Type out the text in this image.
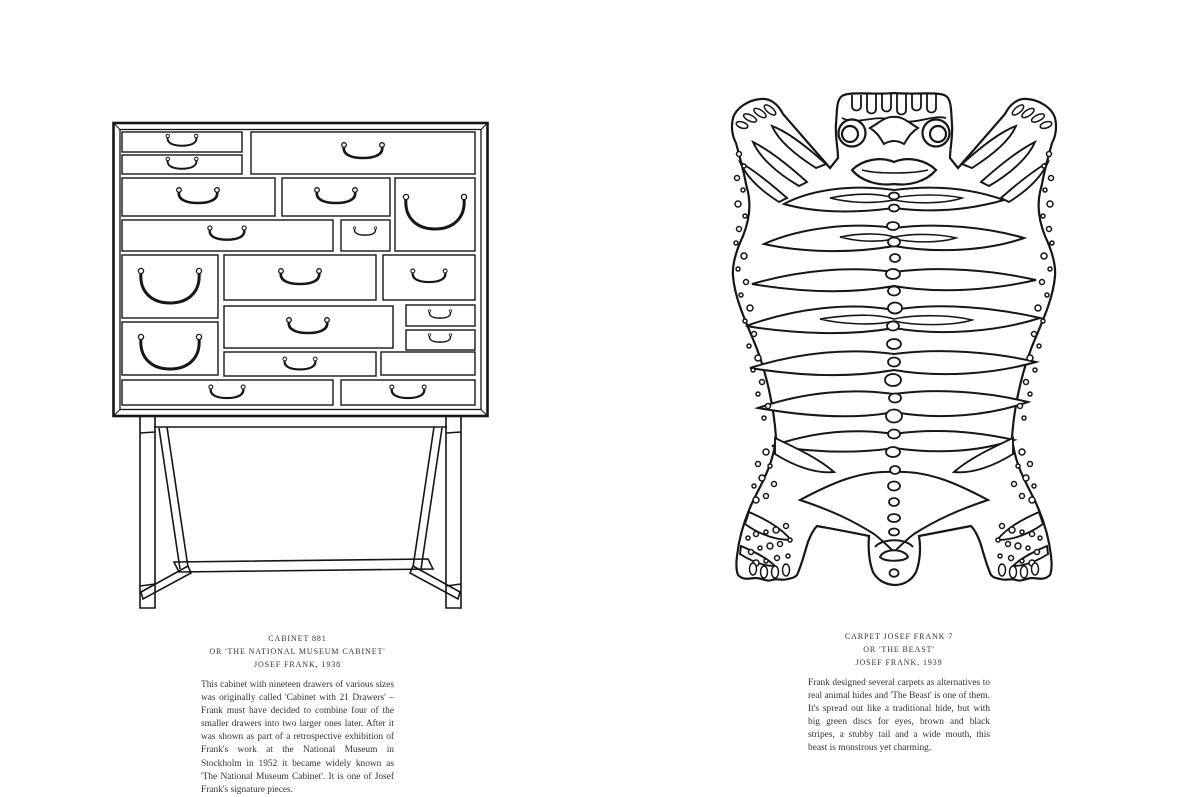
CABINET 881
OR 'THE NATIONAL MUSEUM CABINET'
JOSEF FRANK, 1938

This cabinet with nineteen drawers of various sizes was originally called 'Cabinet with 21 Drawers' – Frank must have decided to combine four of the smaller drawers into two larger ones later. After it was shown as part of a retrospective exhibition of Frank's work at the National Museum in Stockholm in 1952 it became widely known as 'The National Museum Cabinet'. It is one of Josef Frank's signature pieces.

CARPET JOSEF FRANK 7
OR 'THE BEAST'
JOSEF FRANK, 1939

Frank designed several carpets as alternatives to real animal hides and 'The Beast' is one of them. It's spread out like a traditional hide, but with big green discs for eyes, brown and black stripes, a stubby tail and a wide mouth, this beast is monstrous yet charming.
